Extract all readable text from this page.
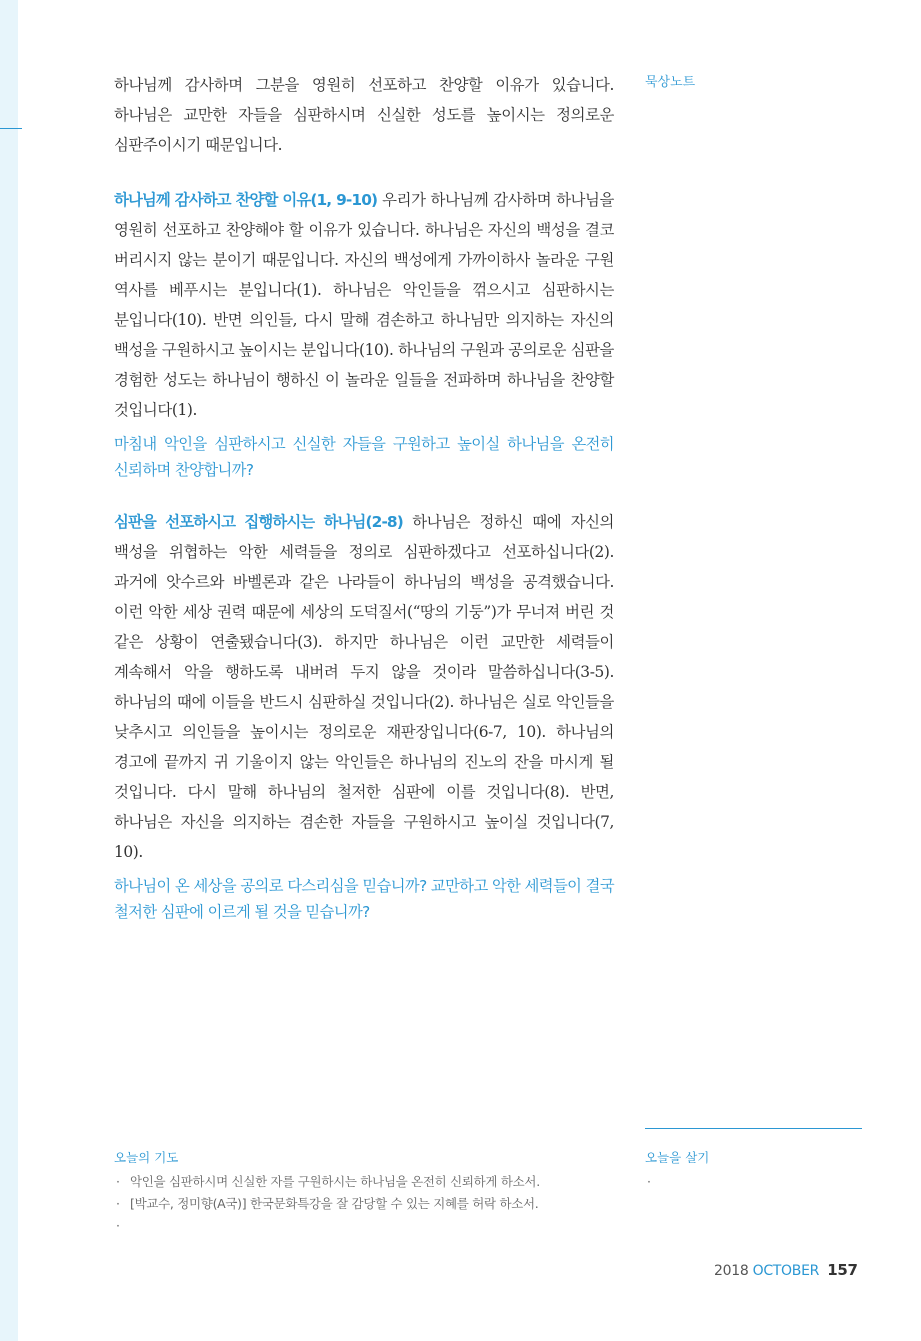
묵상노트

하나님께 감사하며 그분을 영원히 선포하고 찬양할 이유가 있습니다. 하나님은 교만한 자들을 심판하시며 신실한 성도를 높이시는 정의로운 심판주이시기 때문입니다.

하나님께 감사하고 찬양할 이유(1, 9-10) 우리가 하나님께 감사하며 하나님을 영원히 선포하고 찬양해야 할 이유가 있습니다. 하나님은 자신의 백성을 결코 버리시지 않는 분이기 때문입니다. 자신의 백성에게 가까이하사 놀라운 구원 역사를 베푸시는 분입니다(1). 하나님은 악인들을 꺾으시고 심판하시는 분입니다(10). 반면 의인들, 다시 말해 겸손하고 하나님만 의지하는 자신의 백성을 구원하시고 높이시는 분입니다(10). 하나님의 구원과 공의로운 심판을 경험한 성도는 하나님이 행하신 이 놀라운 일들을 전파하며 하나님을 찬양할 것입니다(1).

마침내 악인을 심판하시고 신실한 자들을 구원하고 높이실 하나님을 온전히 신뢰하며 찬양합니까?

심판을 선포하시고 집행하시는 하나님(2-8) 하나님은 정하신 때에 자신의 백성을 위협하는 악한 세력들을 정의로 심판하겠다고 선포하십니다(2). 과거에 앗수르와 바벨론과 같은 나라들이 하나님의 백성을 공격했습니다. 이런 악한 세상 권력 때문에 세상의 도덕질서(“땅의 기둥”)가 무너져 버린 것 같은 상황이 연출됐습니다(3). 하지만 하나님은 이런 교만한 세력들이 계속해서 악을 행하도록 내버려 두지 않을 것이라 말씀하십니다(3-5). 하나님의 때에 이들을 반드시 심판하실 것입니다(2). 하나님은 실로 악인들을 낮추시고 의인들을 높이시는 정의로운 재판장입니다(6-7, 10). 하나님의 경고에 끝까지 귀 기울이지 않는 악인들은 하나님의 진노의 잔을 마시게 될 것입니다. 다시 말해 하나님의 철저한 심판에 이를 것입니다(8). 반면, 하나님은 자신을 의지하는 겸손한 자들을 구원하시고 높이실 것입니다(7, 10).

하나님이 온 세상을 공의로 다스리심을 믿습니까? 교만하고 악한 세력들이 결국 철저한 심판에 이르게 될 것을 믿습니까?

오늘의 기도
· 악인을 심판하시며 신실한 자를 구원하시는 하나님을 온전히 신뢰하게 하소서.
· [박교수, 정미향(A국)] 한국문화특강을 잘 감당할 수 있는 지혜를 허락 하소서.
·
오늘을 살기
·
2018 OCTOBER 157
